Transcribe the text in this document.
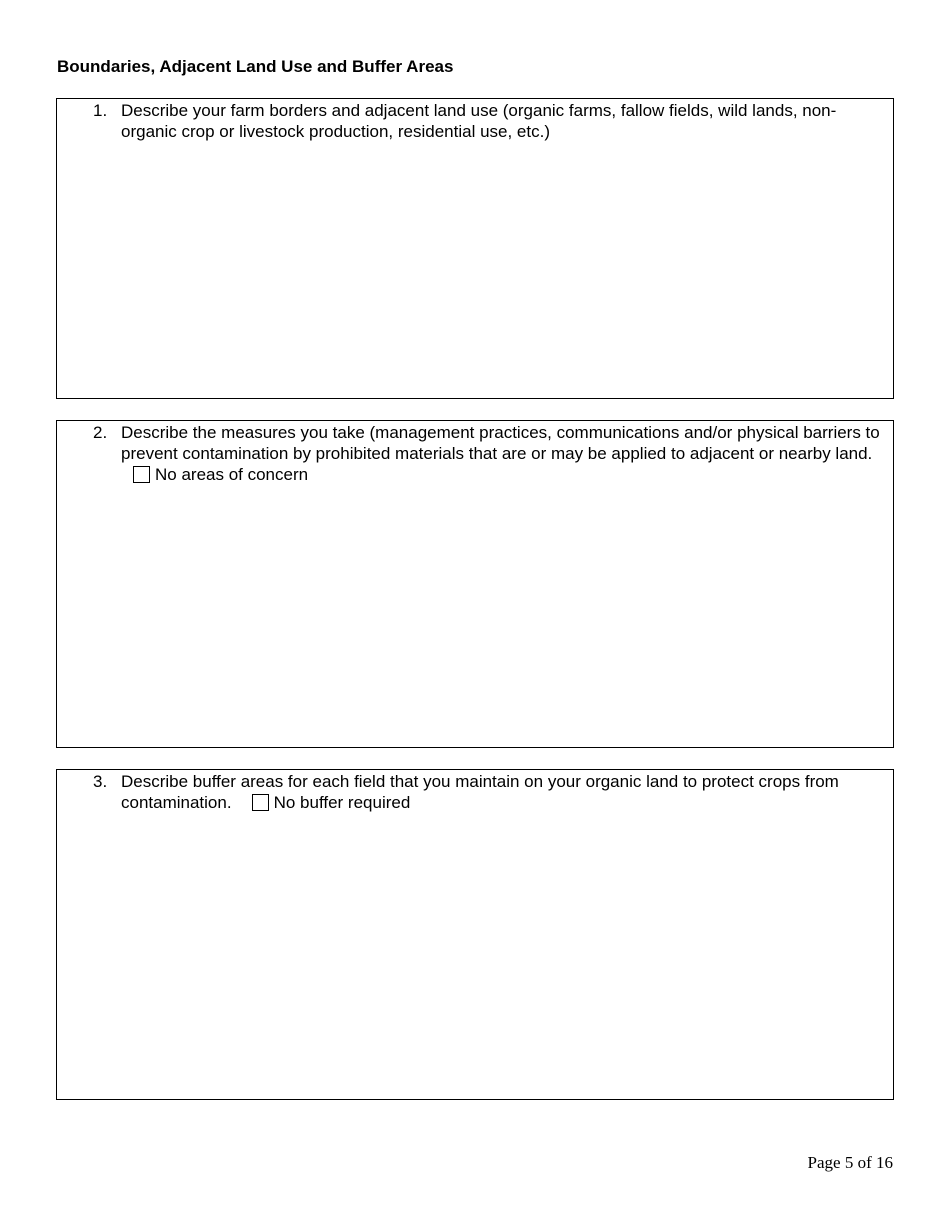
Boundaries, Adjacent Land Use and Buffer Areas
1. Describe your farm borders and adjacent land use (organic farms, fallow fields, wild lands, non-organic crop or livestock production, residential use, etc.)
2. Describe the measures you take (management practices, communications and/or physical barriers to prevent contamination by prohibited materials that are or may be applied to adjacent or nearby land.No areas of concern
3. Describe buffer areas for each field that you maintain on your organic land to protect crops from contamination. No buffer required
Page 5 of 16
